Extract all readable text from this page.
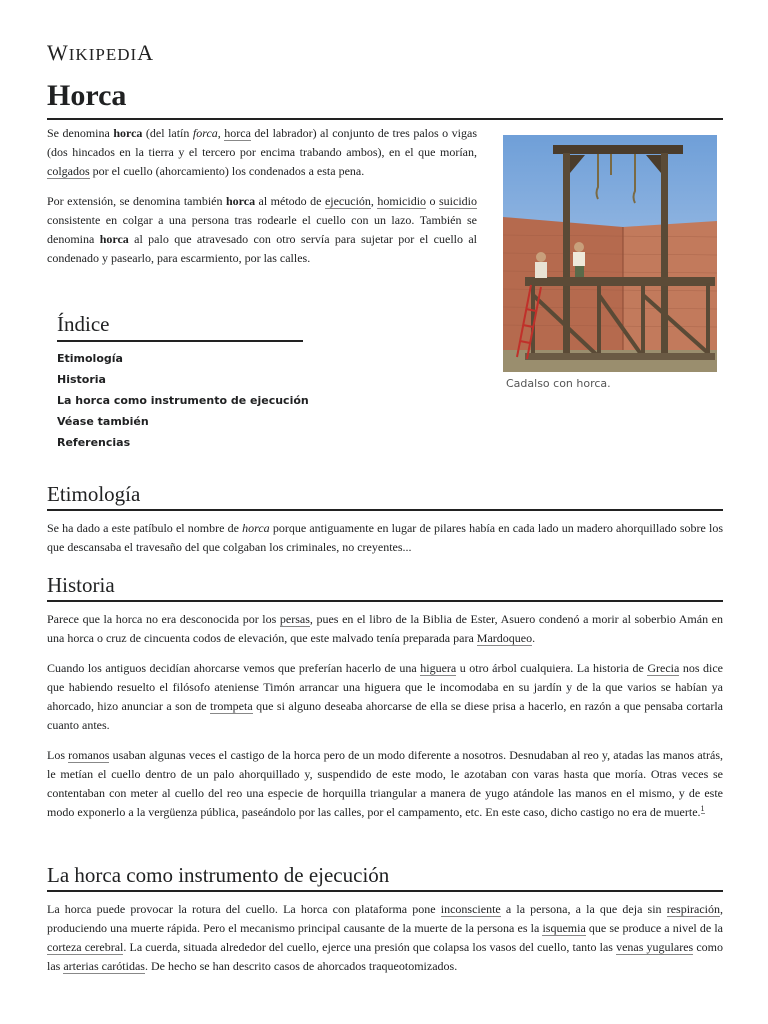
WIKIPEDIA
Horca

Se denomina horca (del latín forca, horca del labrador) al conjunto de tres palos o vigas (dos hincados en la tierra y el tercero por encima trabando ambos), en el que morían, colgados por el cuello (ahorcamiento) los condenados a esta pena.

Por extensión, se denomina también horca al método de ejecución, homicidio o suicidio consistente en colgar a una persona tras rodearle el cuello con un lazo. También se denomina horca al palo que atravesado con otro servía para sujetar por el cuello al condenado y pasearlo, para escarmiento, por las calles.

Cadalso con horca.
Índice
Etimología
Historia
La horca como instrumento de ejecución
Véase también
Referencias
Etimología

Se ha dado a este patíbulo el nombre de horca porque antiguamente en lugar de pilares había en cada lado un madero ahorquillado sobre los que descansaba el travesaño del que colgaban los criminales, no creyentes...

Historia

Parece que la horca no era desconocida por los persas, pues en el libro de la Biblia de Ester, Asuero condenó a morir al soberbio Amán en una horca o cruz de cincuenta codos de elevación, que este malvado tenía preparada para Mardoqueo.

Cuando los antiguos decidían ahorcarse vemos que preferían hacerlo de una higuera u otro árbol cualquiera. La historia de Grecia nos dice que habiendo resuelto el filósofo ateniense Timón arrancar una higuera que le incomodaba en su jardín y de la que varios se habían ya ahorcado, hizo anunciar a son de trompeta que si alguno deseaba ahorcarse de ella se diese prisa a hacerlo, en razón a que pensaba cortarla cuanto antes.

Los romanos usaban algunas veces el castigo de la horca pero de un modo diferente a nosotros. Desnudaban al reo y, atadas las manos atrás, le metían el cuello dentro de un palo ahorquillado y, suspendido de este modo, le azotaban con varas hasta que moría. Otras veces se contentaban con meter al cuello del reo una especie de horquilla triangular a manera de yugo atándole las manos en el mismo, y de este modo exponerlo a la vergüenza pública, paseándolo por las calles, por el campamento, etc. En este caso, dicho castigo no era de muerte.$^1$

La horca como instrumento de ejecución

La horca puede provocar la rotura del cuello. La horca con plataforma pone inconsciente a la persona, a la que deja sin respiración, produciendo una muerte rápida. Pero el mecanismo principal causante de la muerte de la persona es la isquemia que se produce a nivel de la corteza cerebral. La cuerda, situada alrededor del cuello, ejerce una presión que colapsa los vasos del cuello, tanto las venas yugulares como las arterias carótidas. De hecho se han descrito casos de ahorcados traqueotomizados.
